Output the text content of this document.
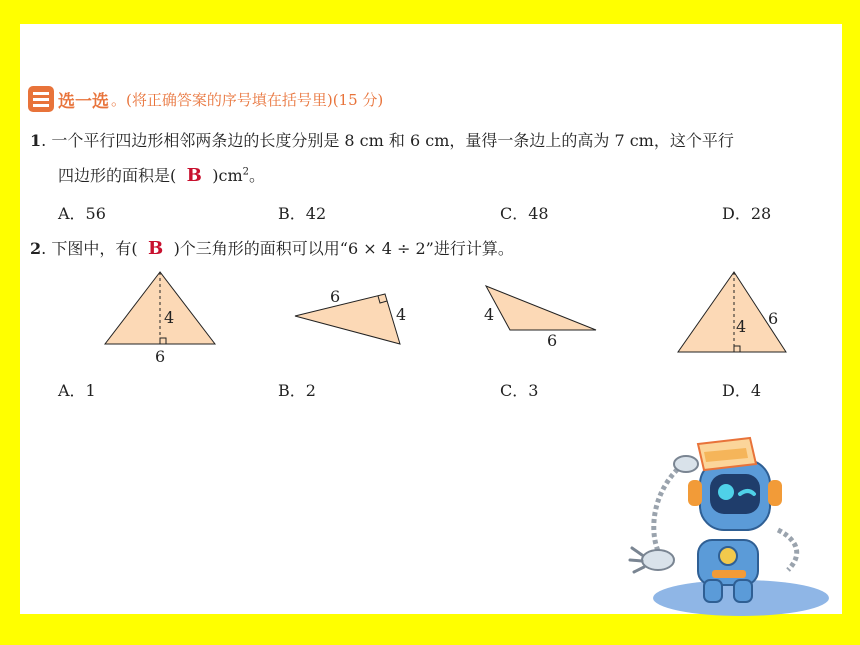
选一选 。(将正确答案的序号填在括号里)(15 分)
1. 一个平行四边形相邻两条边的长度分别是 8 cm 和 6 cm，量得一条边上的高为 7 cm，这个平行
四边形的面积是( B )$cm^2$。
A．56	B．42	C．48	D．28
2. 下图中，有( B )个三角形的面积可以用“6 × 4 ÷ 2”进行计算。
4
6
6
4	4
6
4 6
A．1	B．2	C．3	D．4
